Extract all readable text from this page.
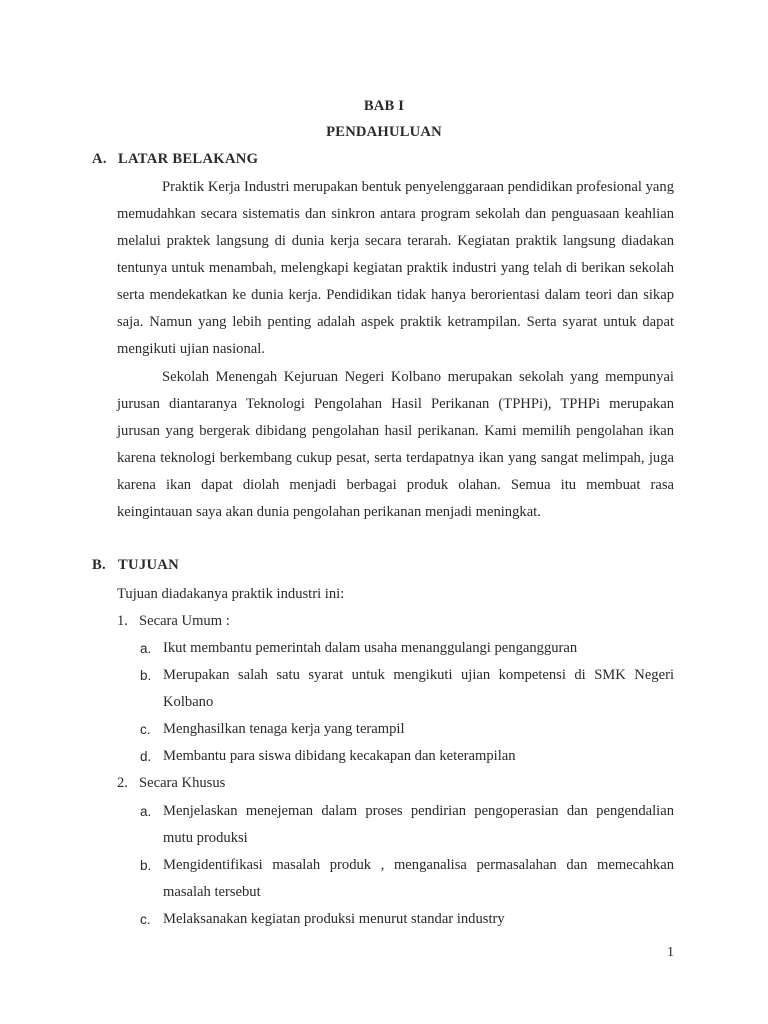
BAB I
PENDAHULUAN
A. LATAR BELAKANG

Praktik Kerja Industri merupakan bentuk penyelenggaraan pendidikan profesional yang memudahkan secara sistematis dan sinkron antara program sekolah dan penguasaan keahlian melalui praktek langsung di dunia kerja secara terarah. Kegiatan praktik langsung diadakan tentunya untuk menambah, melengkapi kegiatan praktik industri yang telah di berikan sekolah serta mendekatkan ke dunia kerja. Pendidikan tidak hanya berorientasi dalam teori dan sikap saja. Namun yang lebih penting adalah aspek praktik ketrampilan. Serta syarat untuk dapat mengikuti ujian nasional.

Sekolah Menengah Kejuruan Negeri Kolbano merupakan sekolah yang mempunyai jurusan diantaranya Teknologi Pengolahan Hasil Perikanan (TPHPi), TPHPi merupakan jurusan yang bergerak dibidang pengolahan hasil perikanan. Kami memilih pengolahan ikan karena teknologi berkembang cukup pesat, serta terdapatnya ikan yang sangat melimpah, juga karena ikan dapat diolah menjadi berbagai produk olahan. Semua itu membuat rasa keingintauan saya akan dunia pengolahan perikanan menjadi meningkat.

B. TUJUAN

Tujuan diadakanya praktik industri ini:

1. Secara Umum :
a. Ikut membantu pemerintah dalam usaha menanggulangi pengangguran
b. Merupakan salah satu syarat untuk mengikuti ujian kompetensi di SMK Negeri Kolbano
c. Menghasilkan tenaga kerja yang terampil
d. Membantu para siswa dibidang kecakapan dan keterampilan
2. Secara Khusus
a. Menjelaskan menejeman dalam proses pendirian pengoperasian dan pengendalian mutu produksi
b. Mengidentifikasi masalah produk , menganalisa permasalahan dan memecahkan masalah tersebut
c. Melaksanakan kegiatan produksi menurut standar industry
1
